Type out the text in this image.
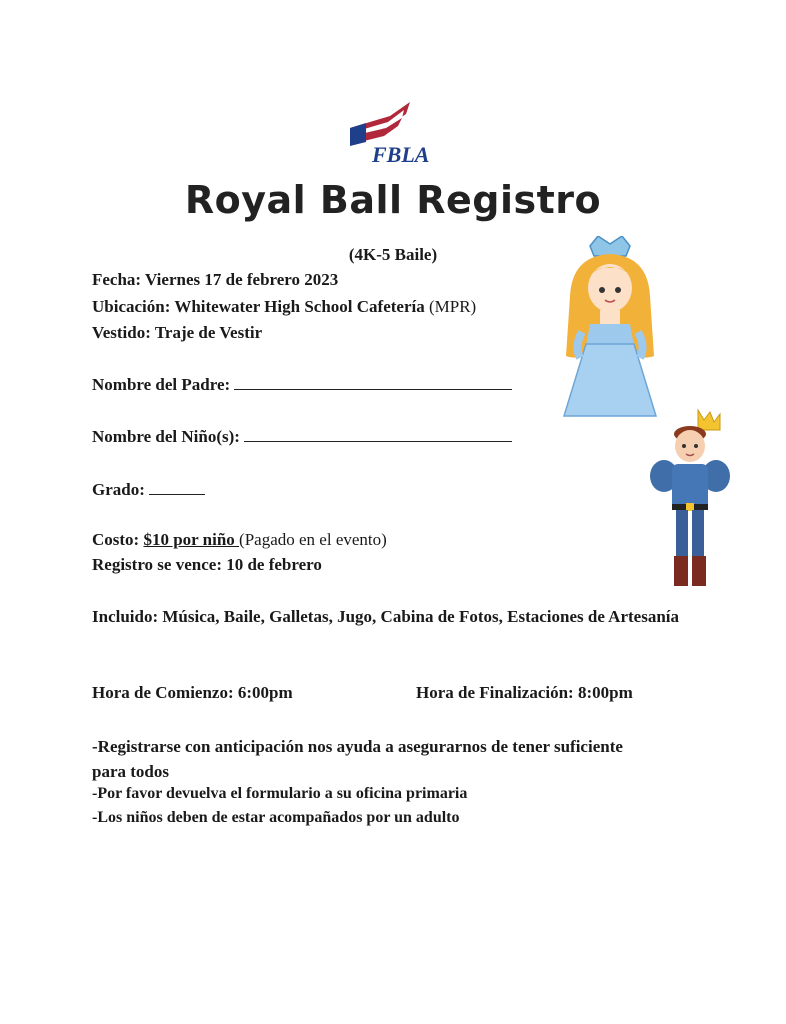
FBLA
Royal Ball Registro
(4K-5 Baile)
Fecha: Viernes 17 de febrero 2023
Ubicación: Whitewater High School Cafetería (MPR)
Vestido: Traje de Vestir
Nombre del Padre:
Nombre del Niño(s):
Grado:
Costo: $10 por niño (Pagado en el evento)
Registro se vence: 10 de febrero
Incluido: Música, Baile, Galletas, Jugo, Cabina de Fotos, Estaciones de Artesanía
Hora de Comienzo: 6:00pm	Hora de Finalización: 8:00pm
-Registrarse con anticipación nos ayuda a asegurarnos de tener suficiente para todos
-Por favor devuelva el formulario a su oficina primaria
-Los niños deben de estar acompañados por un adulto
